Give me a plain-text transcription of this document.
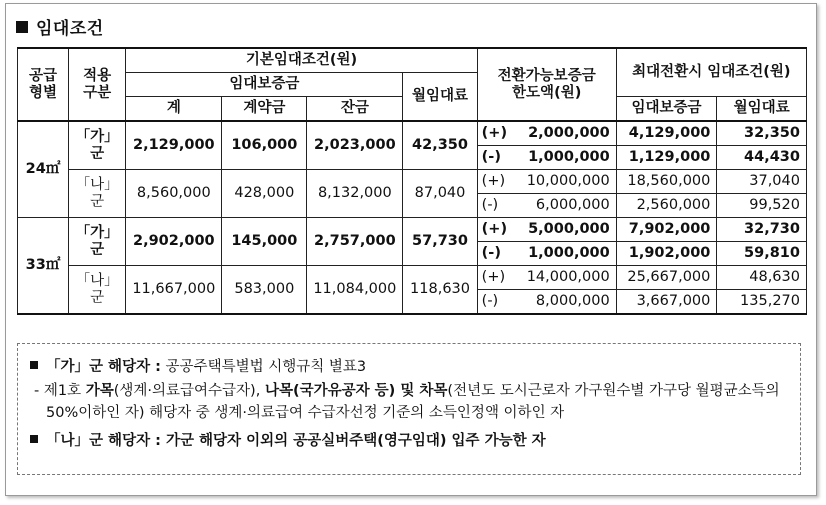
임대조건
공급
형별	적용
구분	기본임대조건(원)				전환가능보증금
한도액(원)		최대전환시 임대조건(원)	
		임대보증금			월임대료				
		계	계약금	잔금				임대보증금	월임대료
24㎡	「가」군	2,129,000	106,000	2,023,000	42,350	(+)	2,000,000	4,129,000	32,350
						(-)	1,000,000	1,129,000	44,430
	「나」군	8,560,000	428,000	8,132,000	87,040	(+)	10,000,000	18,560,000	37,040
						(-)	6,000,000	2,560,000	99,520
33㎡	「가」군	2,902,000	145,000	2,757,000	57,730	(+)	5,000,000	7,902,000	32,730
						(-)	1,000,000	1,902,000	59,810
	「나」군	11,667,000	583,000	11,084,000	118,630	(+)	14,000,000	25,667,000	48,630
						(-)	8,000,000	3,667,000	135,270
「가」군 해당자 : 공공주택특별법 시행규칙 별표3
- 제1호 가목(생계·의료급여수급자), 나목(국가유공자 등) 및 차목(전년도 도시근로자 가구원수별 가구당 월평균소득의 50%이하인 자) 해당자 중 생계·의료급여 수급자선정 기준의 소득인정액 이하인 자
「나」군 해당자 : 가군 해당자 이외의 공공실버주택(영구임대) 입주 가능한 자
